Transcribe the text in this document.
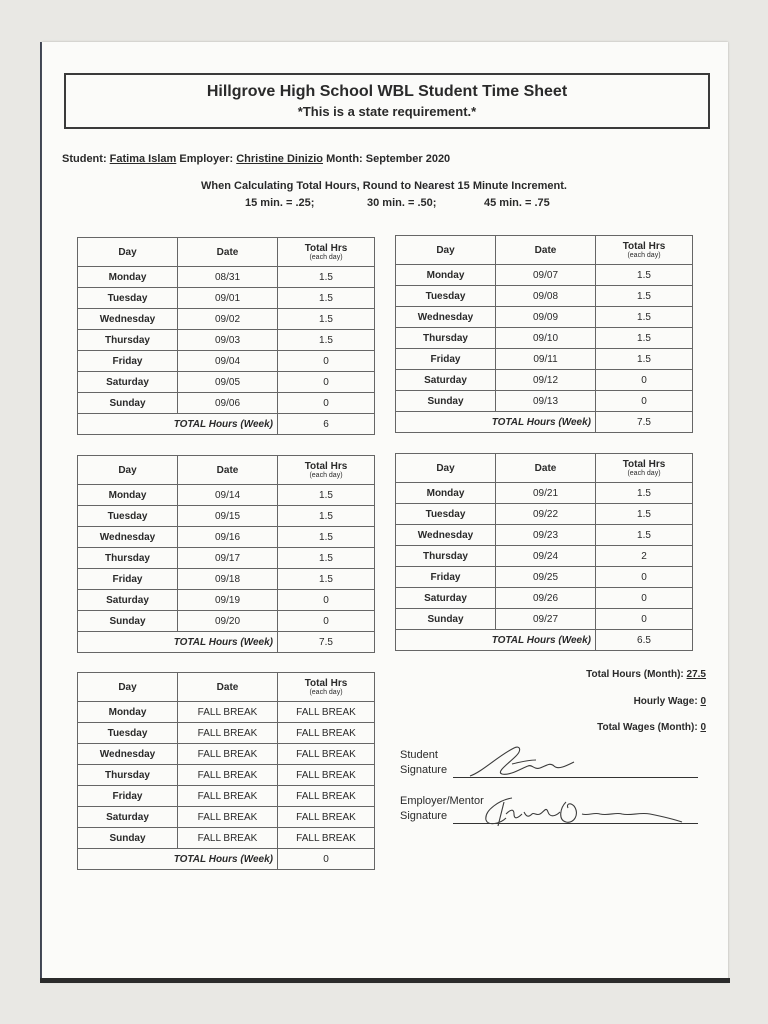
Hillgrove High School WBL Student Time Sheet
*This is a state requirement.*
Student: Fatima Islam Employer: Christine Dinizio Month: September 2020
When Calculating Total Hours, Round to Nearest 15 Minute Increment.
15 min. = .25;	30 min. = .50;	45 min. = .75
Day	Date	Total Hrs
(each day)

Monday	08/31	1.5
Tuesday	09/01	1.5
Wednesday	09/02	1.5
Thursday	09/03	1.5
Friday	09/04	0
Saturday	09/05	0
Sunday	09/06	0
TOTAL Hours (Week)		6
Day	Date	Total Hrs
(each day)

Monday	09/07	1.5
Tuesday	09/08	1.5
Wednesday	09/09	1.5
Thursday	09/10	1.5
Friday	09/11	1.5
Saturday	09/12	0
Sunday	09/13	0
TOTAL Hours (Week)		7.5
Day	Date	Total Hrs
(each day)

Monday	09/14	1.5
Tuesday	09/15	1.5
Wednesday	09/16	1.5
Thursday	09/17	1.5
Friday	09/18	1.5
Saturday	09/19	0
Sunday	09/20	0
TOTAL Hours (Week)		7.5
Day	Date	Total Hrs
(each day)

Monday	09/21	1.5
Tuesday	09/22	1.5
Wednesday	09/23	1.5
Thursday	09/24	2
Friday	09/25	0
Saturday	09/26	0
Sunday	09/27	0
TOTAL Hours (Week)		6.5
Day	Date	Total Hrs
(each day)

Monday	FALL BREAK	FALL BREAK
Tuesday	FALL BREAK	FALL BREAK
Wednesday	FALL BREAK	FALL BREAK
Thursday	FALL BREAK	FALL BREAK
Friday	FALL BREAK	FALL BREAK
Saturday	FALL BREAK	FALL BREAK
Sunday	FALL BREAK	FALL BREAK
TOTAL Hours (Week)		0
Total Hours (Month): 27.5
Hourly Wage: 0
Total Wages (Month): 0
Student
Signature
Employer/Mentor
Signature
